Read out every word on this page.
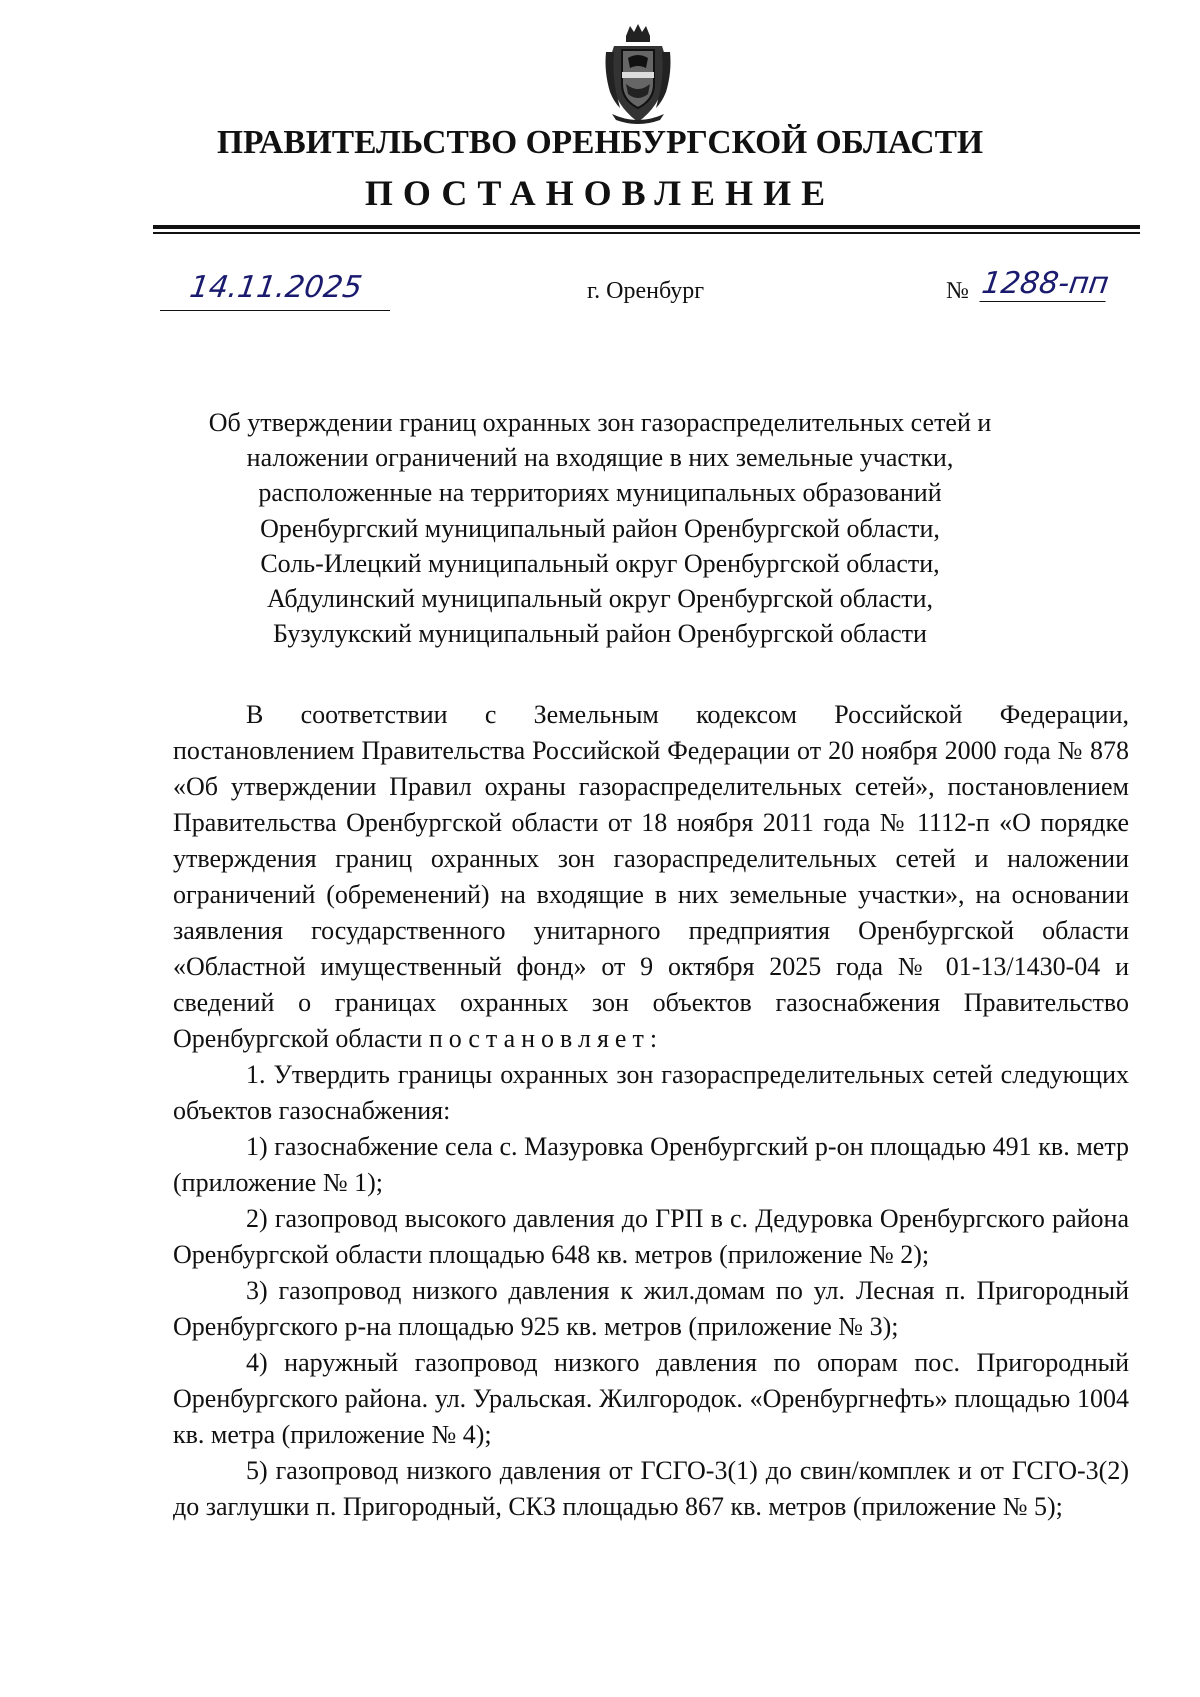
ПРАВИТЕЛЬСТВО ОРЕНБУРГСКОЙ ОБЛАСТИ
ПОСТАНОВЛЕНИЕ
14.11.2025	г. Оренбург	№ 1288-пп
Об утверждении границ охранных зон газораспределительных сетей и
наложении ограничений на входящие в них земельные участки,
расположенные на территориях муниципальных образований
Оренбургский муниципальный район Оренбургской области,
Соль-Илецкий муниципальный округ Оренбургской области,
Абдулинский муниципальный округ Оренбургской области,
Бузулукский муниципальный район Оренбургской области

В соответствии с Земельным кодексом Российской Федерации, постановлением Правительства Российской Федерации от 20 ноября 2000 года № 878 «Об утверждении Правил охраны газораспределительных сетей», постановлением Правительства Оренбургской области от 18 ноября 2011 года № 1112-п «О порядке утверждения границ охранных зон газораспределительных сетей и наложении ограничений (обременений) на входящие в них земельные участки», на основании заявления государственного унитарного предприятия Оренбургской области «Областной имущественный фонд» от 9 октября 2025 года № 01-13/1430-04 и сведений о границах охранных зон объектов газоснабжения Правительство Оренбургской области постановляет:

1. Утвердить границы охранных зон газораспределительных сетей следующих объектов газоснабжения:

1) газоснабжение села с. Мазуровка Оренбургский р-он площадью 491 кв. метр (приложение № 1);

2) газопровод высокого давления до ГРП в с. Дедуровка Оренбургского района Оренбургской области площадью 648 кв. метров (приложение № 2);

3) газопровод низкого давления к жил.домам по ул. Лесная п. Пригородный Оренбургского р-на площадью 925 кв. метров (приложение № 3);

4) наружный газопровод низкого давления по опорам пос. Пригородный Оренбургского района. ул. Уральская. Жилгородок. «Оренбургнефть» площадью 1004 кв. метра (приложение № 4);

5) газопровод низкого давления от ГСГО-3(1) до свин/комплек и от ГСГО-3(2) до заглушки п. Пригородный, СКЗ площадью 867 кв. метров (приложение № 5);
